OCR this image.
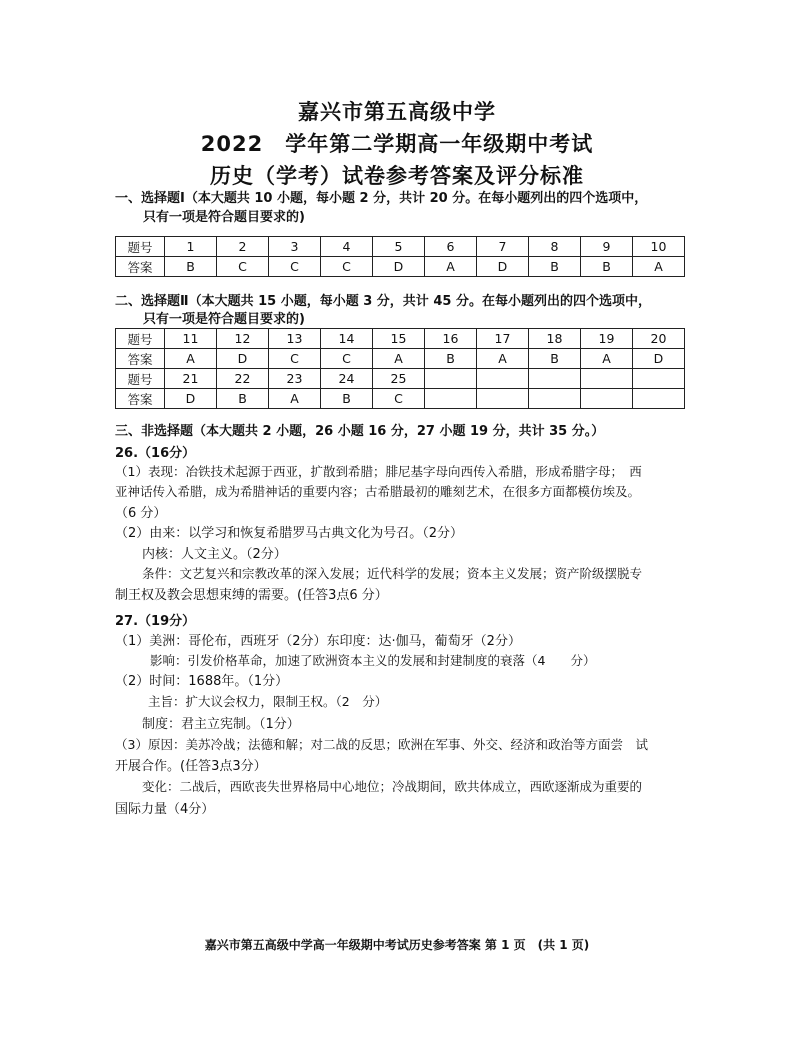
嘉兴市第五高级中学
2022　学年第二学期高一年级期中考试
历史（学考）试卷参考答案及评分标准
一、选择题Ⅰ（本大题共 10 小题，每小题 2 分，共计 20 分。在每小题列出的四个选项中，
只有一项是符合题目要求的)
题号	1	2	3	4	5	6	7	8	9	10
答案	B	C	C	C	D	A	D	B	B	A
二、选择题Ⅱ（本大题共 15 小题，每小题 3 分，共计 45 分。在每小题列出的四个选项中，
只有一项是符合题目要求的)
题号	11	12	13	14	15	16	17	18	19	20
答案	A	D	C	C	A	B	A	B	A	D
题号	21	22	23	24	25					
答案	D	B	A	B	C					
三、非选择题（本大题共 2 小题，26 小题 16 分，27 小题 19 分，共计 35 分。）
26.（16分）
（1）表现：冶铁技术起源于西亚，扩散到希腊；腓尼基字母向西传入希腊，形成希腊字母；　西
亚神话传入希腊，成为希腊神话的重要内容；古希腊最初的雕刻艺术，在很多方面都模仿埃及。
（6 分）
（2）由来：以学习和恢复希腊罗马古典文化为号召。（2分）
内核：人文主义。（2分）
条件：文艺复兴和宗教改革的深入发展；近代科学的发展；资本主义发展；资产阶级摆脱专
制王权及教会思想束缚的需要。(任答3点6 分）
27.（19分）
（1）美洲：哥伦布，西班牙（2分）东印度：达·伽马，葡萄牙（2分）
影响：引发价格革命，加速了欧洲资本主义的发展和封建制度的衰落（4　　分）
（2）时间：1688年。（1分）
主旨：扩大议会权力，限制王权。（2　分）
制度：君主立宪制。（1分）
（3）原因：美苏冷战；法德和解；对二战的反思；欧洲在军事、外交、经济和政治等方面尝　试
开展合作。(任答3点3分）
变化：二战后，西欧丧失世界格局中心地位；冷战期间，欧共体成立，西欧逐渐成为重要的
国际力量（4分）
嘉兴市第五高级中学高一年级期中考试历史参考答案 第 1 页　(共 1 页)
